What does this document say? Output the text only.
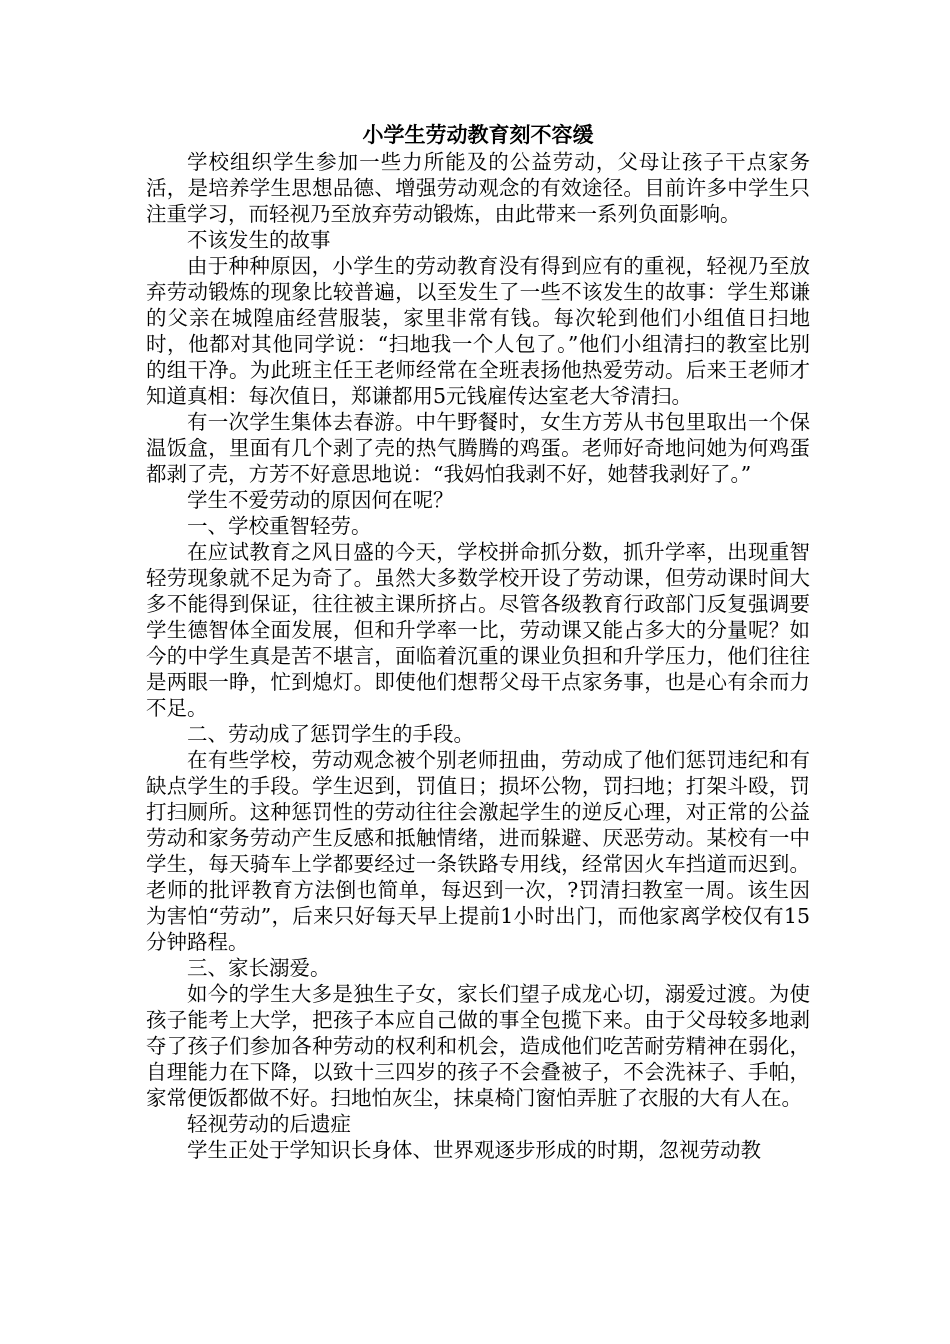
小学生劳动教育刻不容缓

学校组织学生参加一些力所能及的公益劳动，父母让孩子干点家务活，是培养学生思想品德、增强劳动观念的有效途径。目前许多中学生只注重学习，而轻视乃至放弃劳动锻炼，由此带来一系列负面影响。

不该发生的故事

由于种种原因，小学生的劳动教育没有得到应有的重视，轻视乃至放弃劳动锻炼的现象比较普遍，以至发生了一些不该发生的故事：学生郑谦的父亲在城隍庙经营服装，家里非常有钱。每次轮到他们小组值日扫地时，他都对其他同学说：“扫地我一个人包了。”他们小组清扫的教室比别的组干净。为此班主任王老师经常在全班表扬他热爱劳动。后来王老师才知道真相：每次值日，郑谦都用5元钱雇传达室老大爷清扫。

有一次学生集体去春游。中午野餐时，女生方芳从书包里取出一个保温饭盒，里面有几个剥了壳的热气腾腾的鸡蛋。老师好奇地问她为何鸡蛋都剥了壳，方芳不好意思地说：“我妈怕我剥不好，她替我剥好了。”

学生不爱劳动的原因何在呢？

一、学校重智轻劳。

在应试教育之风日盛的今天，学校拼命抓分数，抓升学率，出现重智轻劳现象就不足为奇了。虽然大多数学校开设了劳动课，但劳动课时间大多不能得到保证，往往被主课所挤占。尽管各级教育行政部门反复强调要学生德智体全面发展，但和升学率一比，劳动课又能占多大的分量呢？如今的中学生真是苦不堪言，面临着沉重的课业负担和升学压力，他们往往是两眼一睁，忙到熄灯。即使他们想帮父母干点家务事，也是心有余而力不足。

二、劳动成了惩罚学生的手段。

在有些学校，劳动观念被个别老师扭曲，劳动成了他们惩罚违纪和有缺点学生的手段。学生迟到，罚值日；损坏公物，罚扫地；打架斗殴，罚打扫厕所。这种惩罚性的劳动往往会激起学生的逆反心理，对正常的公益劳动和家务劳动产生反感和抵触情绪，进而躲避、厌恶劳动。某校有一中学生，每天骑车上学都要经过一条铁路专用线，经常因火车挡道而迟到。老师的批评教育方法倒也简单，每迟到一次，?罚清扫教室一周。该生因为害怕“劳动”，后来只好每天早上提前1小时出门，而他家离学校仅有15分钟路程。

三、家长溺爱。

如今的学生大多是独生子女，家长们望子成龙心切，溺爱过渡。为使孩子能考上大学，把孩子本应自己做的事全包揽下来。由于父母较多地剥夺了孩子们参加各种劳动的权利和机会，造成他们吃苦耐劳精神在弱化，自理能力在下降，以致十三四岁的孩子不会叠被子，不会洗袜子、手帕，家常便饭都做不好。扫地怕灰尘，抹桌椅门窗怕弄脏了衣服的大有人在。

轻视劳动的后遗症

学生正处于学知识长身体、世界观逐步形成的时期，忽视劳动教
